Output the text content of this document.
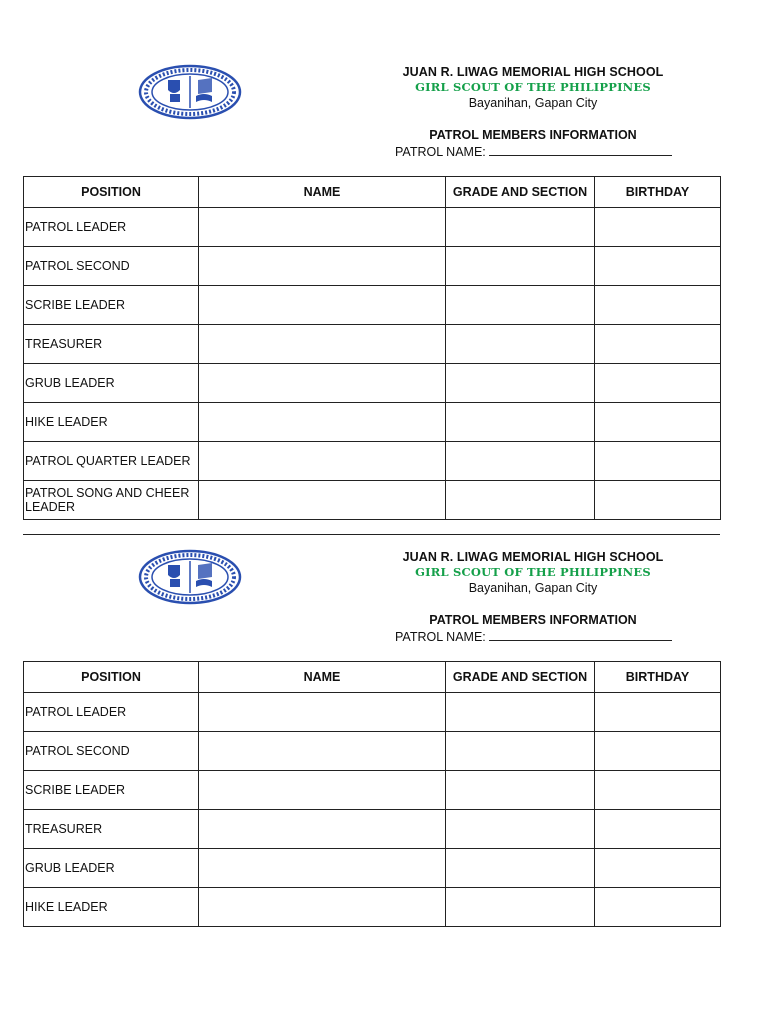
JUAN R. LIWAG MEMORIAL HIGH SCHOOL
GIRL SCOUT OF THE PHILIPPINES
Bayanihan, Gapan City
PATROL MEMBERS INFORMATION
PATROL NAME:
POSITION	NAME	GRADE AND SECTION	BIRTHDAY
PATROL LEADER			
PATROL SECOND			
SCRIBE LEADER			
TREASURER			
GRUB LEADER			
HIKE LEADER			
PATROL QUARTER LEADER			
PATROL SONG AND CHEER LEADER			
JUAN R. LIWAG MEMORIAL HIGH SCHOOL
GIRL SCOUT OF THE PHILIPPINES
Bayanihan, Gapan City
PATROL MEMBERS INFORMATION
PATROL NAME:
POSITION	NAME	GRADE AND SECTION	BIRTHDAY
PATROL LEADER			
PATROL SECOND			
SCRIBE LEADER			
TREASURER			
GRUB LEADER			
HIKE LEADER			
